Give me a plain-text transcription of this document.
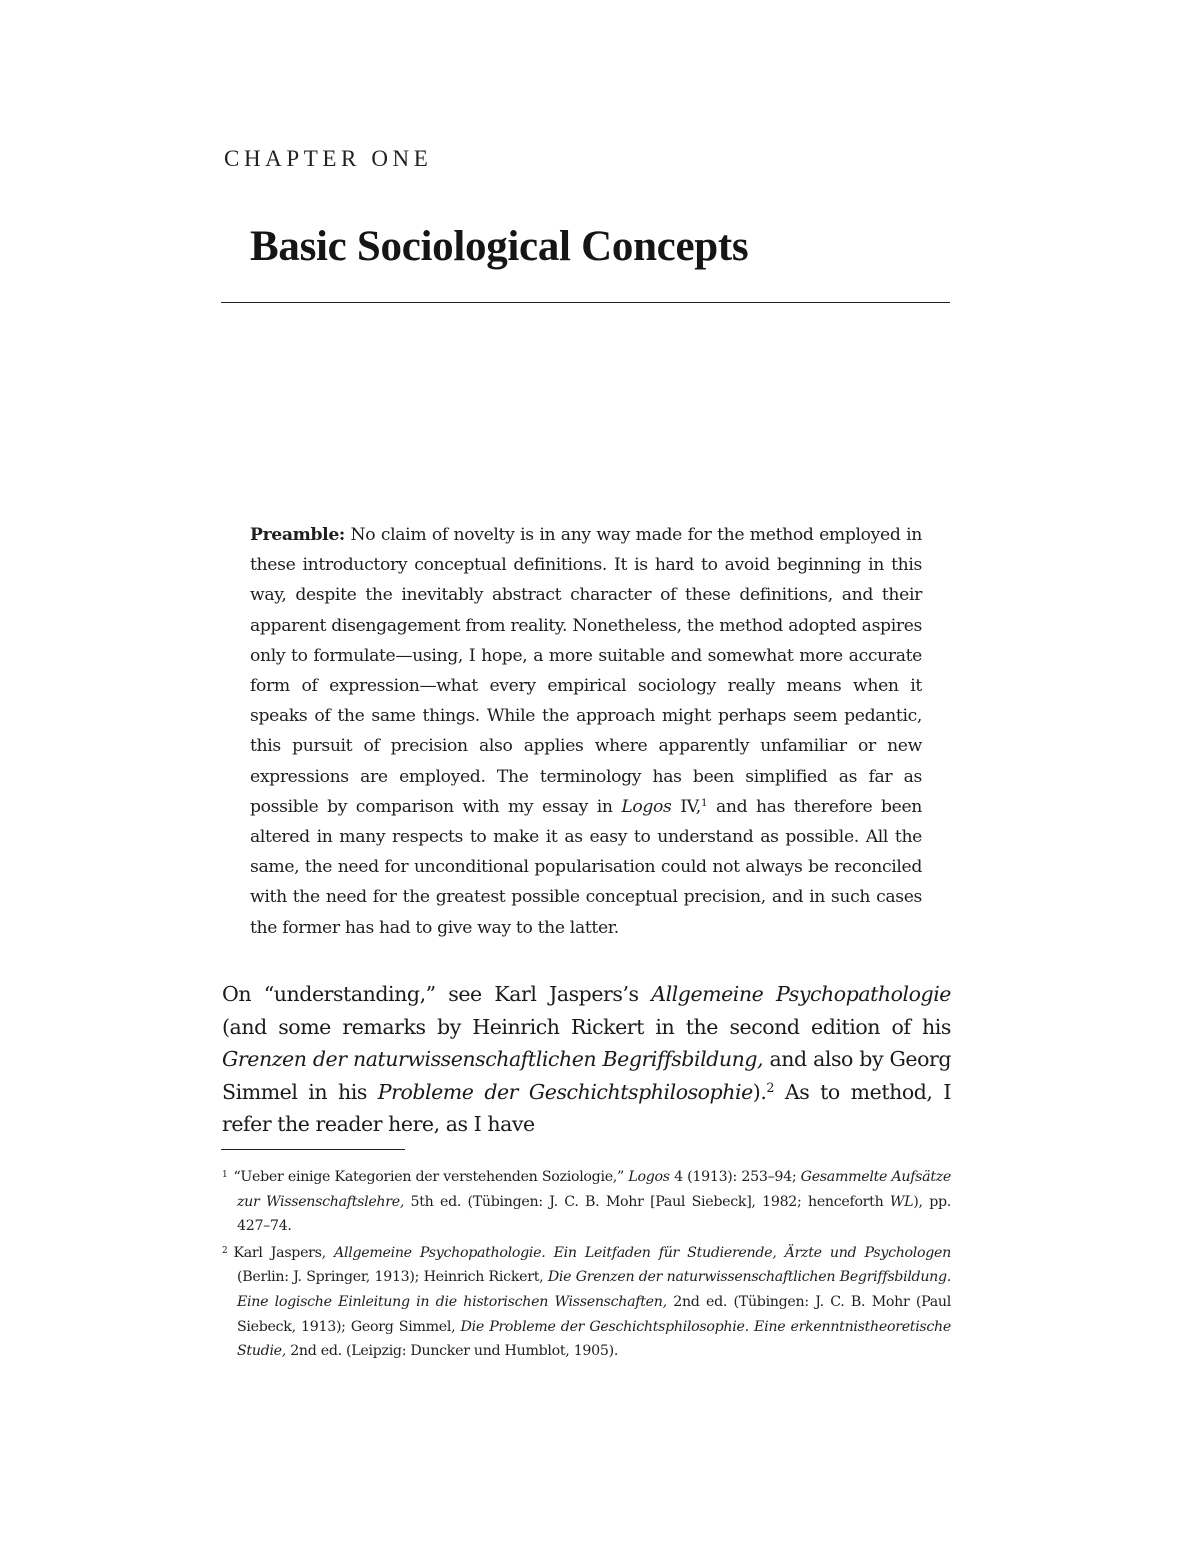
CHAPTER ONE
Basic Sociological Concepts

Preamble: No claim of novelty is in any way made for the method employed in these introductory conceptual definitions. It is hard to avoid beginning in this way, despite the inevitably abstract character of these definitions, and their apparent disengagement from reality. Nonetheless, the method adopted aspires only to formulate—using, I hope, a more suitable and somewhat more accurate form of expression—what every empirical sociology really means when it speaks of the same things. While the approach might perhaps seem pedantic, this pursuit of precision also applies where apparently unfamiliar or new expressions are employed. The terminology has been simplified as far as possible by comparison with my essay in Logos IV,$^1$ and has therefore been altered in many respects to make it as easy to understand as possible. All the same, the need for unconditional popularisation could not always be reconciled with the need for the greatest possible conceptual precision, and in such cases the former has had to give way to the latter.

On “understanding,” see Karl Jaspers’s Allgemeine Psychopathologie (and some remarks by Heinrich Rickert in the second edition of his Grenzen der naturwissenschaftlichen Begriffsbildung, and also by Georg Simmel in his Probleme der Geschichtsphilosophie).$^2$ As to method, I refer the reader here, as I have

$^1$ “Ueber einige Kategorien der verstehenden Soziologie,” Logos 4 (1913): 253–94; Gesammelte Aufsätze zur Wissenschaftslehre, 5th ed. (Tübingen: J. C. B. Mohr [Paul Siebeck], 1982; henceforth WL), pp. 427–74.

$^2$ Karl Jaspers, Allgemeine Psychopathologie. Ein Leitfaden für Studierende, Ärzte und Psychologen (Berlin: J. Springer, 1913); Heinrich Rickert, Die Grenzen der naturwissenschaftlichen Begriffsbildung. Eine logische Einleitung in die historischen Wissenschaften, 2nd ed. (Tübingen: J. C. B. Mohr (Paul Siebeck, 1913); Georg Simmel, Die Probleme der Geschichtsphilosophie. Eine erkenntnistheoretische Studie, 2nd ed. (Leipzig: Duncker und Humblot, 1905).
